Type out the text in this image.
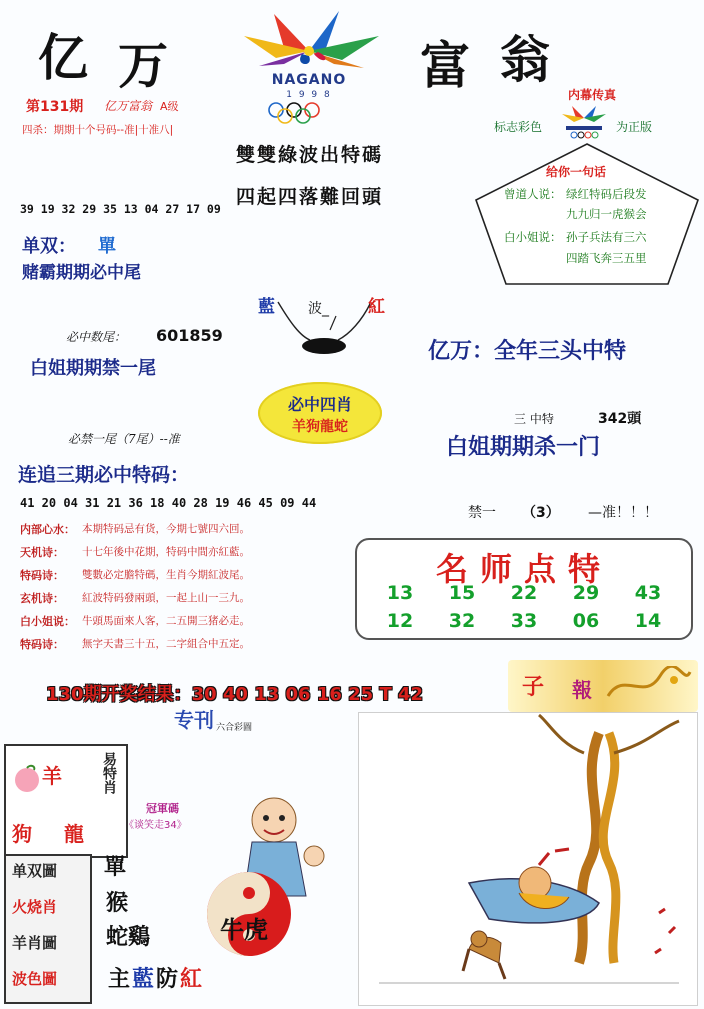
亿 万	富 翁
NAGANO
1 9 9 8
第131期 亿万富翁 A级
四杀：期期十个号码--准|十准八|
雙雙綠波出特碼
四起四落難回頭
内幕传真
标志彩色	为正版
给你一句话
曾道人说： 绿红特码后段发
九九归一虎猴会
白小姐说： 孙子兵法有三六
四踏飞奔三五里
39 19 32 29 35 13 04 27 17 09
单双： 單
赌霸期期必中尾
藍 波_ 紅
必中数尾： 601859
白姐期期禁一尾
亿万：全年三头中特
必中四肖
羊狗龍蛇
必禁一尾（7尾）--准
三 中特	342頭
白姐期期杀一门
连追三期必中特码：
41 20 04 31 21 36 18 40 28 19 46 45 09 44
禁一 （3） —准！！！
内部心水： 本期特码忌有货，今期七號四六回。
天机诗：	十七年後中花期，特码中間亦紅藍。
特码诗：	雙數必定膽特碼，生肖今期紅波尾。
玄机诗：	紅波特码發兩頭，一起上山一三九。
白小姐说： 牛頭馬面來人客，二五開三猪必走。
特码诗：	無字天書三十五，二字組合中五定。
名师点特
13	15	22	29	43
12	32	33	06	14
130期开奖结果：30 40 13 06 16 25 T 42
专刊 六合彩圖
子 報
羊
狗 龍
易特肖
冠軍碼
《谈笑走34》
单双圖
火烧肖
羊肖圖
波色圖
單
猴
蛇鷄	牛虎
主 藍 防 紅
